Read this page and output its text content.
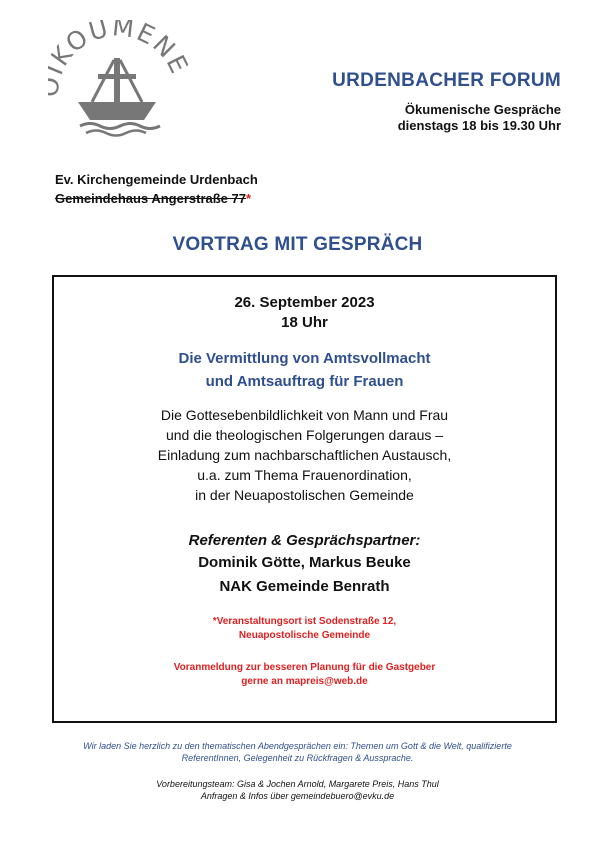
KOUMEN
URDENBACHER FORUM
Ökumenische Gespräche
dienstags 18 bis 19.30 Uhr
Ev. Kirchengemeinde Urdenbach
Gemeindehaus Angerstraße 77*
VORTRAG MIT GESPRÄCH
26. September 2023
18 Uhr
Die Vermittlung von Amtsvollmacht
und Amtsauftrag für Frauen
Die Gottesebenbildlichkeit von Mann und Frau
und die theologischen Folgerungen daraus –
Einladung zum nachbarschaftlichen Austausch,
u.a. zum Thema Frauenordination,
in der Neuapostolischen Gemeinde
Referenten & Gesprächspartner:
Dominik Götte, Markus Beuke
NAK Gemeinde Benrath
*Veranstaltungsort ist Sodenstraße 12,
Neuapostolische Gemeinde
Voranmeldung zur besseren Planung für die Gastgeber
gerne an mapreis@web.de
Wir laden Sie herzlich zu den thematischen Abendgesprächen ein: Themen um Gott & die Welt, qualifizierte
ReferentInnen, Gelegenheit zu Rückfragen & Aussprache.
Vorbereitungsteam: Gisa & Jochen Arnold, Margarete Preis, Hans Thul
Anfragen & Infos über gemeindebuero@evku.de
